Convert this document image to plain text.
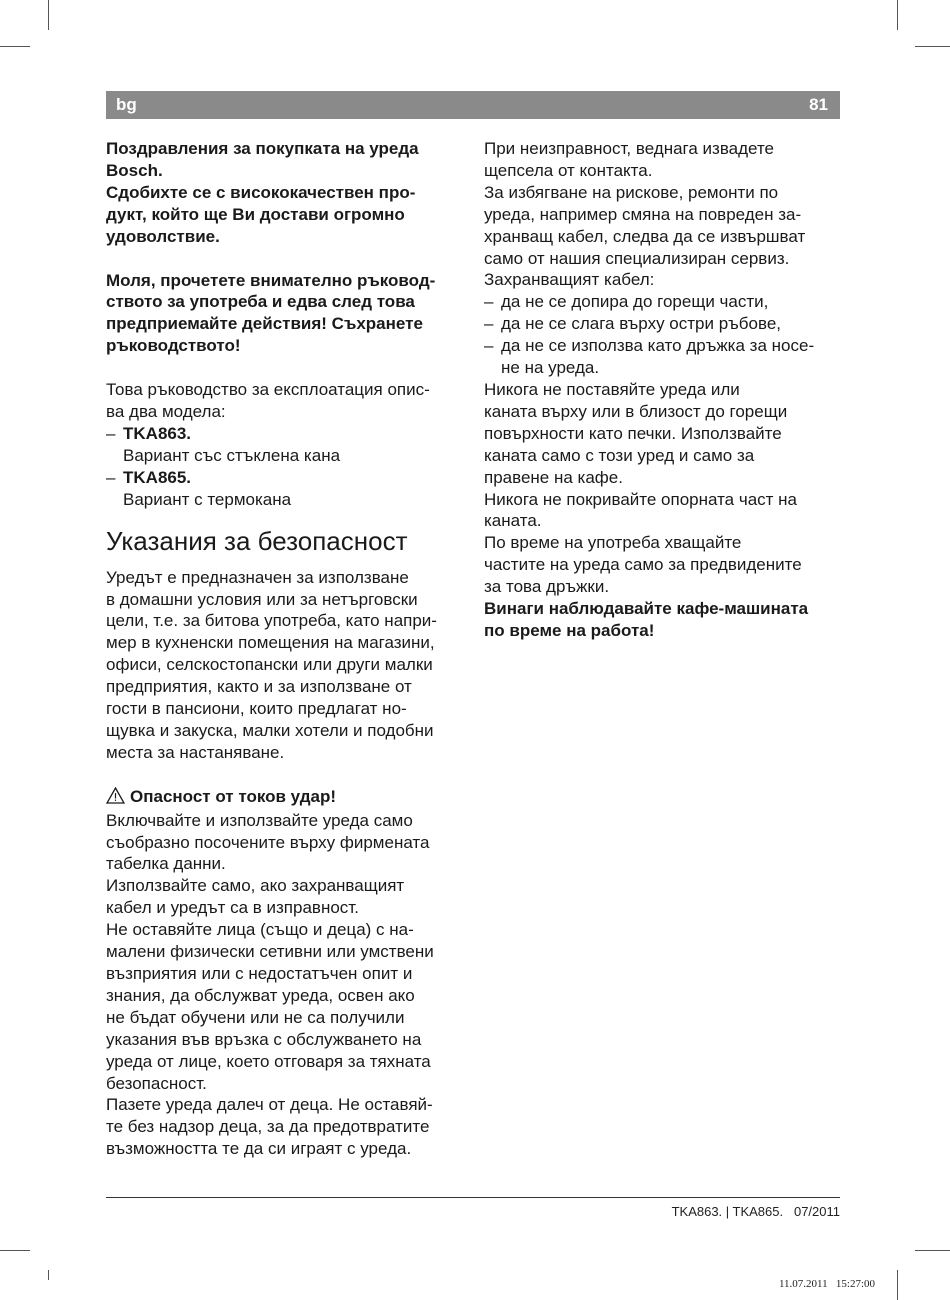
bg	81

Поздравления за покупката на уреда

Bosch.

Сдобихте се с висококачествен про-

дукт, който ще Ви достави огромно

удоволствие.

Моля, прочетете внимателно ръковод-

ството за употреба и едва след това

предприемайте действия! Съхранете

ръководството!

Това ръководство за експлоатация опис-

ва два модела:

– TKA863.
Вариант със стъклена кана
– TKA865.
Вариант с термокана
Указания за безопасност

Уредът е предназначен за използване

в домашни условия или за нетърговски

цели, т.е. за битова употреба, като напри-

мер в кухненски помещения на магазини,

офиси, селскостопански или други малки

предприятия, както и за използване от

гости в пансиони, които предлагат но-

щувка и закуска, малки хотели и подобни

места за настаняване.

Опасност от токов удар!

Включвайте и използвайте уреда само

съобразно посочените върху фирмената

табелка данни.

Използвайте само, ако захранващият

кабел и уредът са в изправност.

Не оставяйте лица (също и деца) с на-

малени физически сетивни или умствени

възприятия или с недостатъчен опит и

знания, да обслужват уреда, освен ако

не бъдат обучени или не са получили

указания във връзка с обслужването на

уреда от лице, което отговаря за тяхната

безопасност.

Пазете уреда далеч от деца. Не оставяй-

те без надзор деца, за да предотвратите

възможността те да си играят с уреда.

При неизправност, веднага извадете

щепсела от контакта.

За избягване на рискове, ремонти по

уреда, например смяна на повреден за-

хранващ кабел, следва да се извършват

само от нашия специализиран сервиз.

Захранващият кабел:

– да не се допира до горещи части,
– да не се слага върху остри ръбове,
– да не се използва като дръжка за носе-
не на уреда.

Никога не поставяйте уреда или

каната върху или в близост до горещи

повърхности като печки. Използвайте

каната само с този уред и само за

правене на кафе.

Никога не покривайте опорната част на

каната.

По време на употреба хващайте

частите на уреда само за предвидените

за това дръжки.

Винаги наблюдавайте кафе-машината

по време на работа!

TKA863. | TKA865. 07/2011
11.07.2011   15:27:00
